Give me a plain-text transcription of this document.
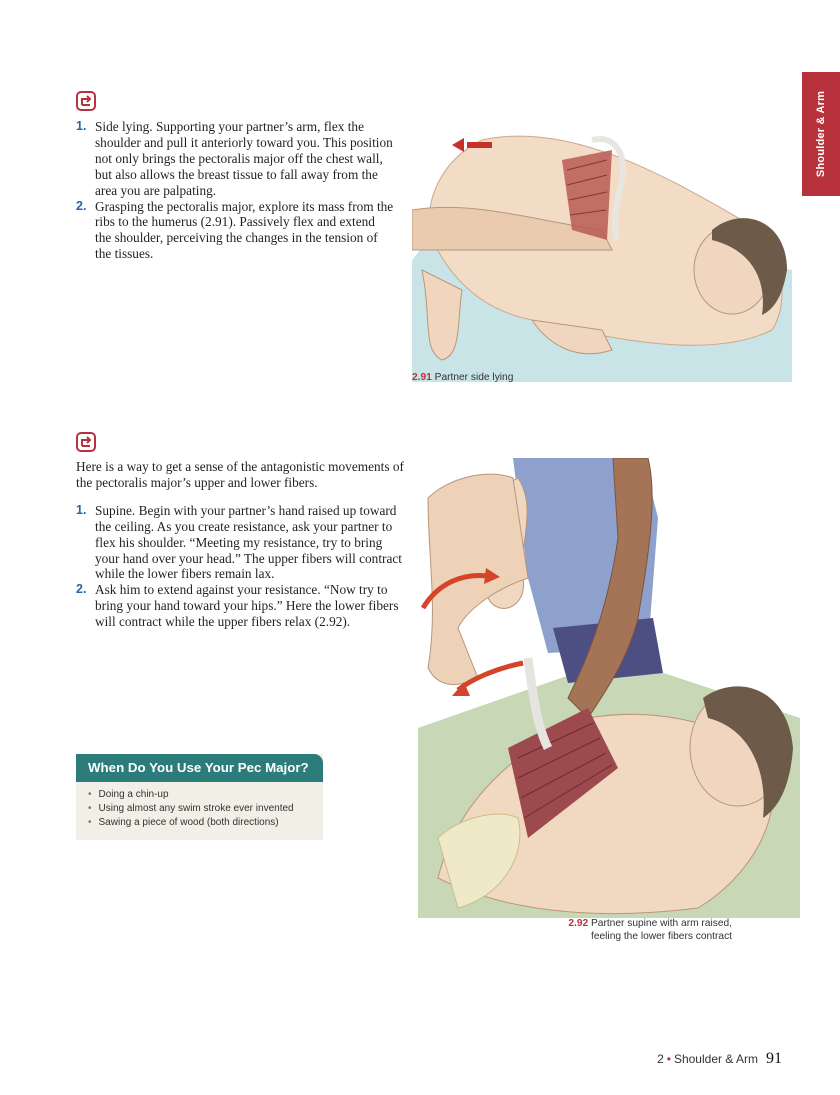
Shoulder & Arm
1. Side lying. Supporting your partner’s arm, flex the shoulder and pull it anteriorly toward you. This position not only brings the pectoralis major off the chest wall, but also allows the breast tissue to fall away from the area you are palpating.
2. Grasping the pectoralis major, explore its mass from the ribs to the humerus (2.91). Passively flex and extend the shoulder, perceiving the changes in the tension of the tissues.
2.91 Partner side lying

Here is a way to get a sense of the antagonistic movements of the pectoralis major’s upper and lower fibers.

1. Supine. Begin with your partner’s hand raised up toward the ceiling. As you create resistance, ask your partner to flex his shoulder. “Meeting my resistance, try to bring your hand over your head.” The upper fibers will contract while the lower fibers remain lax.
2. Ask him to extend against your resistance. “Now try to bring your hand toward your hips.” Here the lower fibers will contract while the upper fibers relax (2.92).
2.92 Partner supine with arm raised,
feeling the lower fibers contract
When Do You Use Your Pec Major?
• Doing a chin-up
• Using almost any swim stroke ever invented
• Sawing a piece of wood (both directions)
2 • Shoulder & Arm 91
